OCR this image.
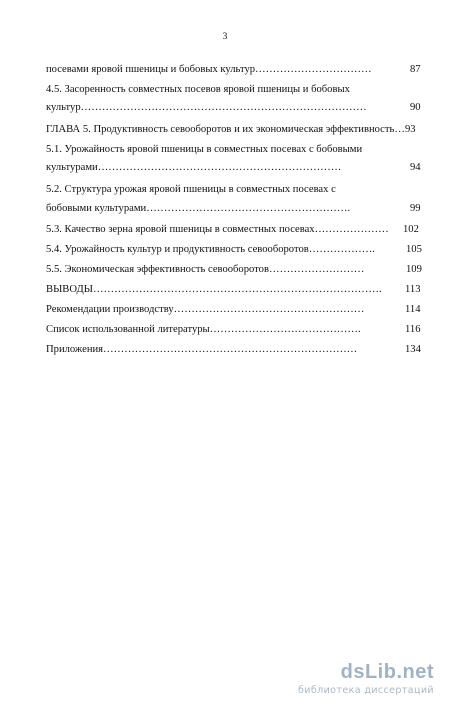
3
посевами яровой пшеницы и бобовых культур……………………………	87
4.5. Засоренность совместных посевов яровой пшеницы и бобовых
культур………………………………………………………………………	90
ГЛАВА 5. Продуктивность севооборотов и их экономическая эффективность…93
5.1. Урожайность яровой пшеницы в совместных посевах с бобовыми
культурами……………………………………………………………	94
5.2. Структура урожая яровой пшеницы в совместных посевах с
бобовыми культурами………………………………………………….	99
5.3. Качество зерна яровой пшеницы в совместных посевах………………… 102
5.4. Урожайность культур и продуктивность севооборотов……………….	105
5.5. Экономическая эффективность севооборотов………………………	109
ВЫВОДЫ………………………………………………………………………. 113
Рекомендации производству………………………………………………	114
Список использованной литературы…………………………………….	116
Приложения………………………………………………………………	134
dsLib.net
библиотека диссертаций
